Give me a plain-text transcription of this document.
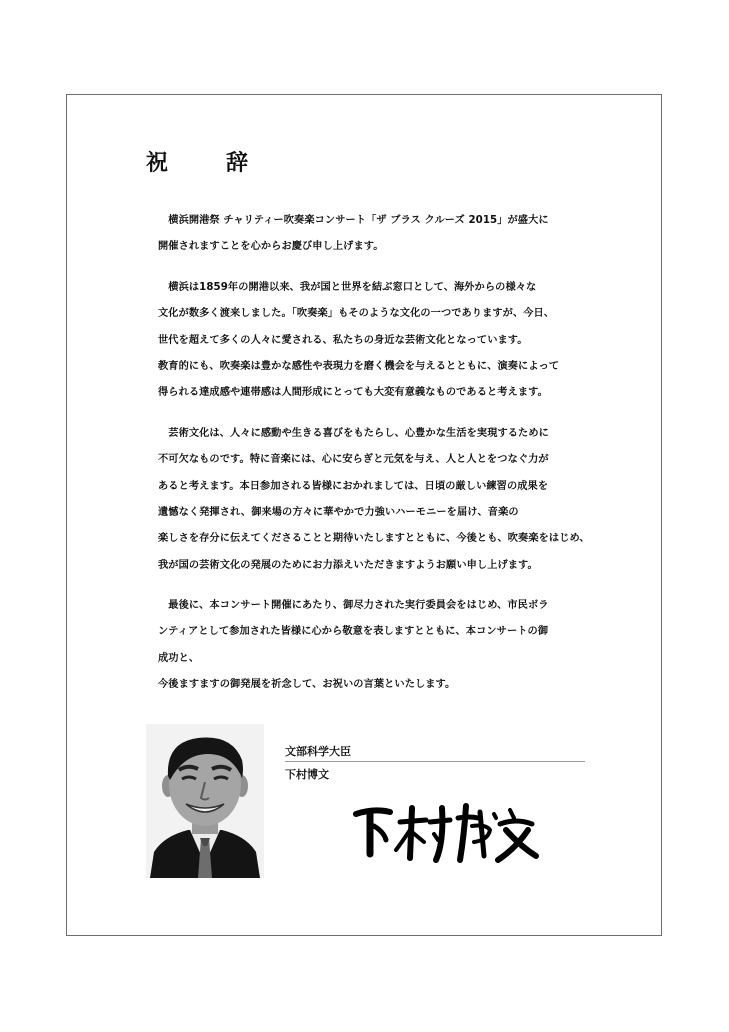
祝　辞

　横浜開港祭 チャリティー吹奏楽コンサート「ザ ブラス クルーズ 2015」が盛大に
開催されますことを心からお慶び申し上げます。

　横浜は1859年の開港以来、我が国と世界を結ぶ窓口として、海外からの様々な
文化が数多く渡来しました。「吹奏楽」もそのような文化の一つでありますが、今日、
世代を超えて多くの人々に愛される、私たちの身近な芸術文化となっています。
教育的にも、吹奏楽は豊かな感性や表現力を磨く機会を与えるとともに、演奏によって
得られる達成感や連帯感は人間形成にとっても大変有意義なものであると考えます。

　芸術文化は、人々に感動や生きる喜びをもたらし、心豊かな生活を実現するために
不可欠なものです。特に音楽には、心に安らぎと元気を与え、人と人とをつなぐ力が
あると考えます。本日参加される皆様におかれましては、日頃の厳しい練習の成果を
遺憾なく発揮され、御来場の方々に華やかで力強いハーモニーを届け、音楽の
楽しさを存分に伝えてくださることと期待いたしますとともに、今後とも、吹奏楽をはじめ、
我が国の芸術文化の発展のためにお力添えいただきますようお願い申し上げます。

　最後に、本コンサート開催にあたり、御尽力された実行委員会をはじめ、市民ボランティアとして参加された皆様に心から敬意を表しますとともに、本コンサートの御成功と、
今後ますますの御発展を祈念して、お祝いの言葉といたします。

文部科学大臣
下村博文
